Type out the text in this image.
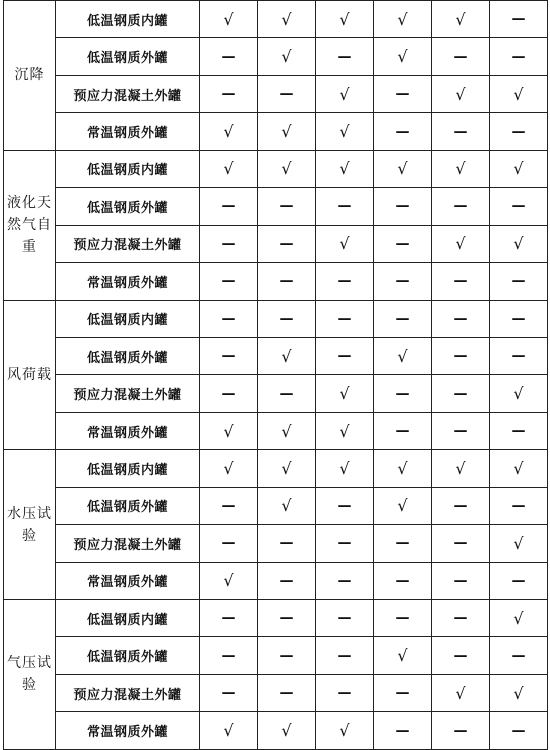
沉降	低温钢质内罐	√	√	√	√	√	—
	低温钢质外罐	—	√	—	√	—	—
	预应力混凝土外罐	—	—	√	—	√	√
	常温钢质外罐	√	√	√	—	—	—
液化天然气自重	低温钢质内罐	√	√	√	√	√	√
	低温钢质外罐	—	—	—	—	—	—
	预应力混凝土外罐	—	—	√	—	√	√
	常温钢质外罐	—	—	—	—	—	—
风荷载	低温钢质内罐	—	—	—	—	—	—
	低温钢质外罐	—	√	—	√	—	—
	预应力混凝土外罐	—	—	√	—	—	√
	常温钢质外罐	√	√	√	—	—	—
水压试验	低温钢质内罐	√	√	√	√	√	√
	低温钢质外罐	—	√	—	√	—	—
	预应力混凝土外罐	—	—	—	—	—	√
	常温钢质外罐	√	—	—	—	—	—
气压试验	低温钢质内罐	—	—	—	—	—	√
	低温钢质外罐	—	—	—	√	—	—
	预应力混凝土外罐	—	—	—	—	√	√
	常温钢质外罐	√	√	√	—	—	—
